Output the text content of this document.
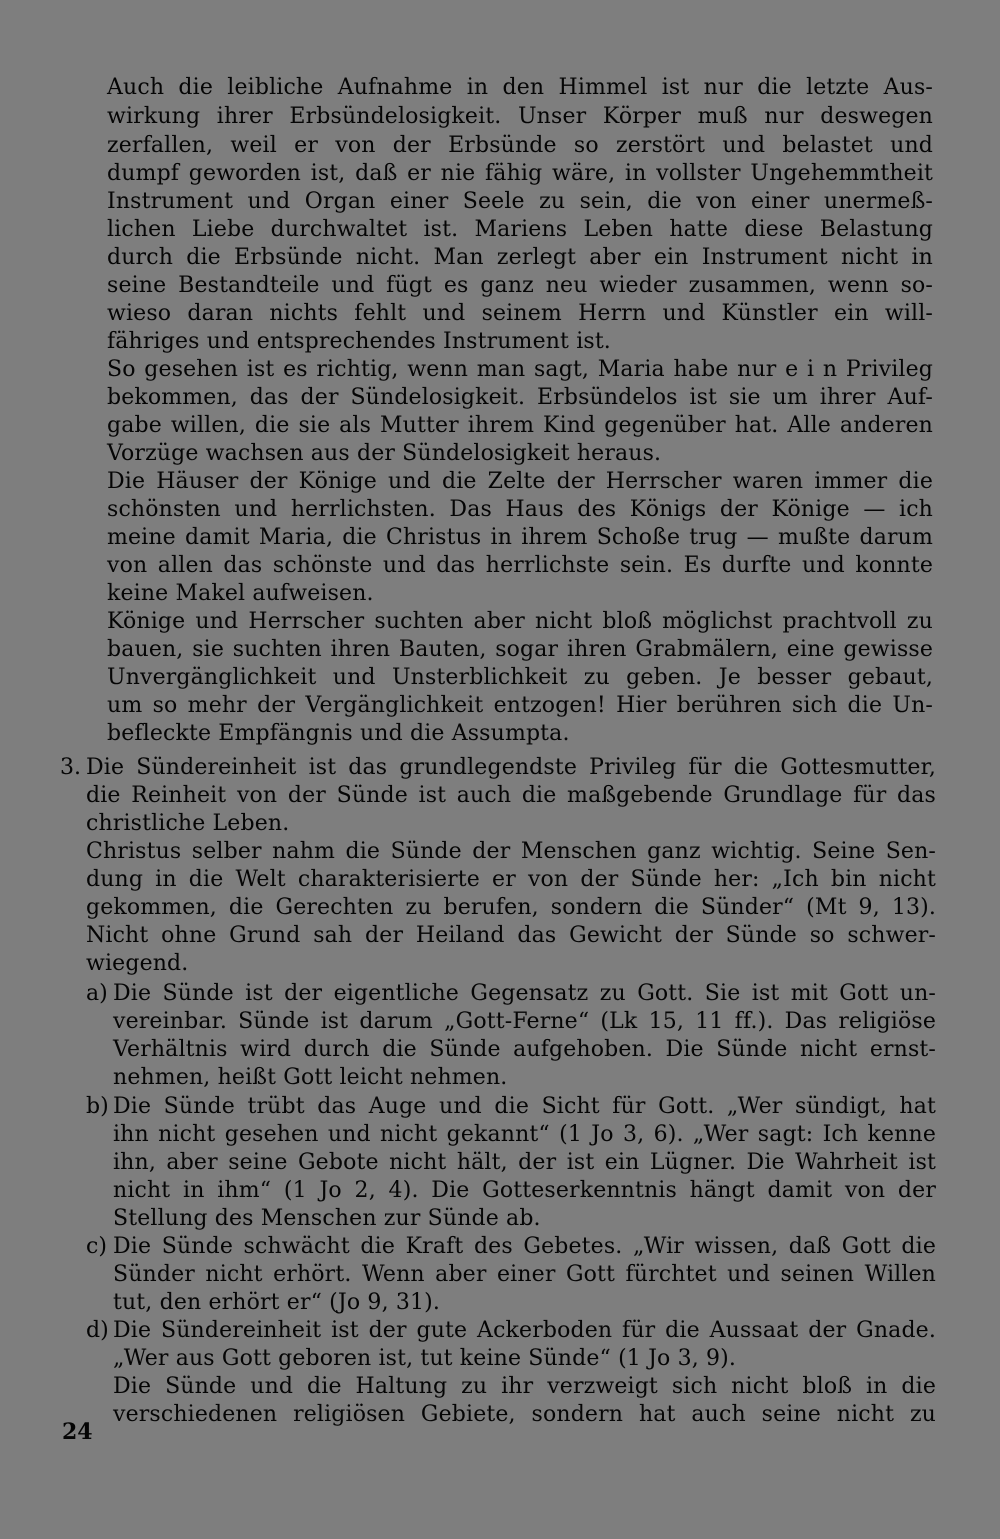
Auch die leibliche Aufnahme in den Himmel ist nur die letzte Aus-
wirkung ihrer Erbsündelosigkeit. Unser Körper muß nur deswegen
zerfallen, weil er von der Erbsünde so zerstört und belastet und
dumpf geworden ist, daß er nie fähig wäre, in vollster Ungehemmtheit
Instrument und Organ einer Seele zu sein, die von einer unermeß-
lichen Liebe durchwaltet ist. Mariens Leben hatte diese Belastung
durch die Erbsünde nicht. Man zerlegt aber ein Instrument nicht in
seine Bestandteile und fügt es ganz neu wieder zusammen, wenn so-
wieso daran nichts fehlt und seinem Herrn und Künstler ein will-
fähriges und entsprechendes Instrument ist.
So gesehen ist es richtig, wenn man sagt, Maria habe nur e i n Privileg
bekommen, das der Sündelosigkeit. Erbsündelos ist sie um ihrer Auf-
gabe willen, die sie als Mutter ihrem Kind gegenüber hat. Alle anderen
Vorzüge wachsen aus der Sündelosigkeit heraus.
Die Häuser der Könige und die Zelte der Herrscher waren immer die
schönsten und herrlichsten. Das Haus des Königs der Könige — ich
meine damit Maria, die Christus in ihrem Schoße trug — mußte darum
von allen das schönste und das herrlichste sein. Es durfte und konnte
keine Makel aufweisen.
Könige und Herrscher suchten aber nicht bloß möglichst prachtvoll zu
bauen, sie suchten ihren Bauten, sogar ihren Grabmälern, eine gewisse
Unvergänglichkeit und Unsterblichkeit zu geben. Je besser gebaut,
um so mehr der Vergänglichkeit entzogen! Hier berühren sich die Un-
befleckte Empfängnis und die Assumpta.
3. Die Sündereinheit ist das grundlegendste Privileg für die Gottesmutter,
die Reinheit von der Sünde ist auch die maßgebende Grundlage für das
christliche Leben.
Christus selber nahm die Sünde der Menschen ganz wichtig. Seine Sen-
dung in die Welt charakterisierte er von der Sünde her: „Ich bin nicht
gekommen, die Gerechten zu berufen, sondern die Sünder“ (Mt 9, 13).
Nicht ohne Grund sah der Heiland das Gewicht der Sünde so schwer-
wiegend.
a) Die Sünde ist der eigentliche Gegensatz zu Gott. Sie ist mit Gott un-
vereinbar. Sünde ist darum „Gott-Ferne“ (Lk 15, 11 ff.). Das religiöse
Verhältnis wird durch die Sünde aufgehoben. Die Sünde nicht ernst-
nehmen, heißt Gott leicht nehmen.
b) Die Sünde trübt das Auge und die Sicht für Gott. „Wer sündigt, hat
ihn nicht gesehen und nicht gekannt“ (1 Jo 3, 6). „Wer sagt: Ich kenne
ihn, aber seine Gebote nicht hält, der ist ein Lügner. Die Wahrheit ist
nicht in ihm“ (1 Jo 2, 4). Die Gotteserkenntnis hängt damit von der
Stellung des Menschen zur Sünde ab.
c) Die Sünde schwächt die Kraft des Gebetes. „Wir wissen, daß Gott die
Sünder nicht erhört. Wenn aber einer Gott fürchtet und seinen Willen
tut, den erhört er“ (Jo 9, 31).
d) Die Sündereinheit ist der gute Ackerboden für die Aussaat der Gnade.
„Wer aus Gott geboren ist, tut keine Sünde“ (1 Jo 3, 9).
Die Sünde und die Haltung zu ihr verzweigt sich nicht bloß in die
verschiedenen religiösen Gebiete, sondern hat auch seine nicht zu
24
